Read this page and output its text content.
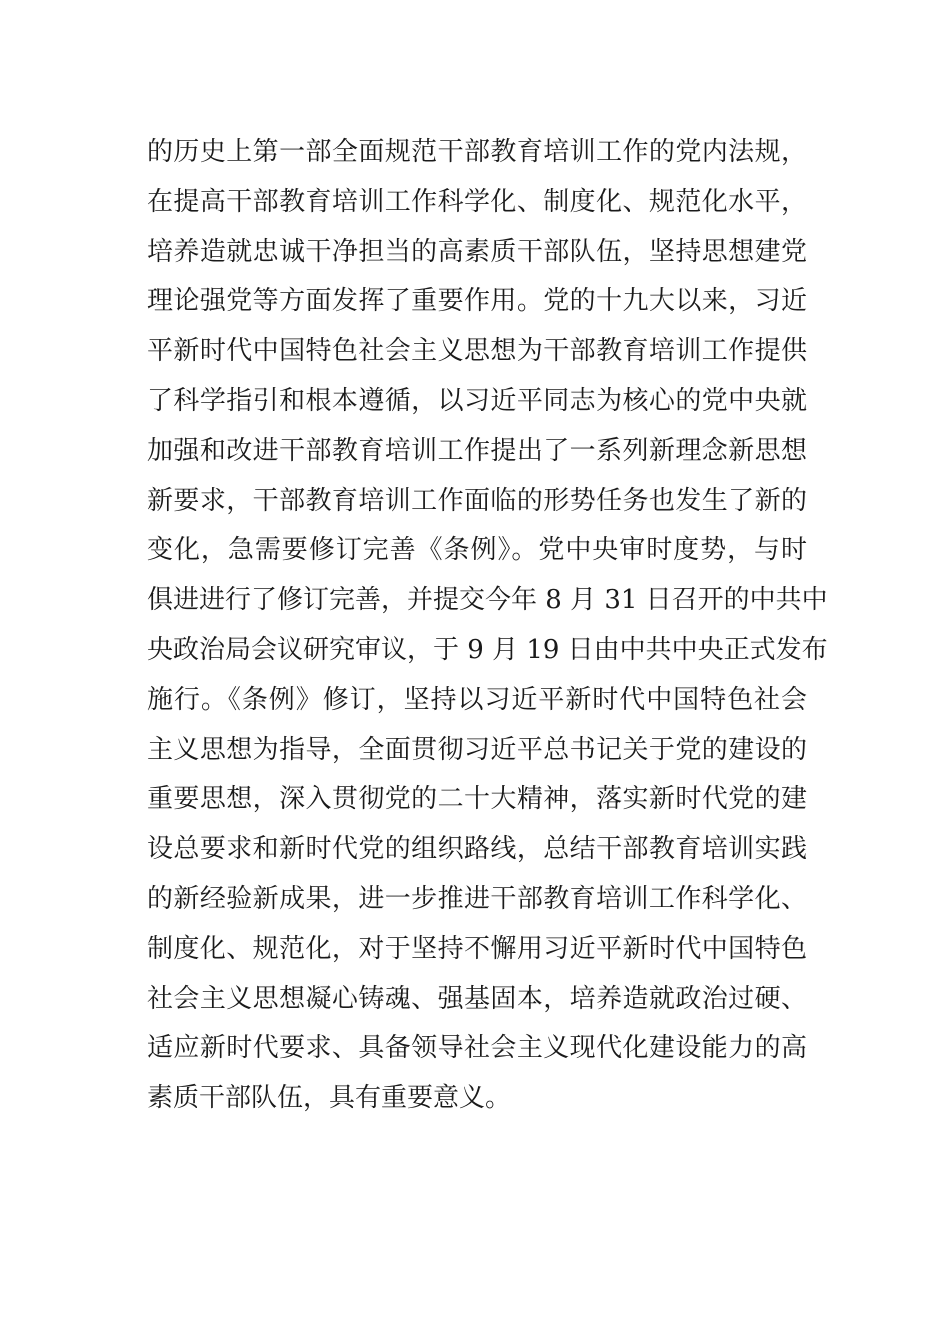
的历史上第一部全面规范干部教育培训工作的党内法规，
在提高干部教育培训工作科学化、制度化、规范化水平，
培养造就忠诚干净担当的高素质干部队伍，坚持思想建党
理论强党等方面发挥了重要作用。党的十九大以来，习近
平新时代中国特色社会主义思想为干部教育培训工作提供
了科学指引和根本遵循，以习近平同志为核心的党中央就
加强和改进干部教育培训工作提出了一系列新理念新思想
新要求，干部教育培训工作面临的形势任务也发生了新的
变化，急需要修订完善《条例》。党中央审时度势，与时
俱进进行了修订完善，并提交今年 8 月 31 日召开的中共中
央政治局会议研究审议，于 9 月 19 日由中共中央正式发布
施行。《条例》修订，坚持以习近平新时代中国特色社会
主义思想为指导，全面贯彻习近平总书记关于党的建设的
重要思想，深入贯彻党的二十大精神，落实新时代党的建
设总要求和新时代党的组织路线，总结干部教育培训实践
的新经验新成果，进一步推进干部教育培训工作科学化、
制度化、规范化，对于坚持不懈用习近平新时代中国特色
社会主义思想凝心铸魂、强基固本，培养造就政治过硬、
适应新时代要求、具备领导社会主义现代化建设能力的高
素质干部队伍，具有重要意义。
